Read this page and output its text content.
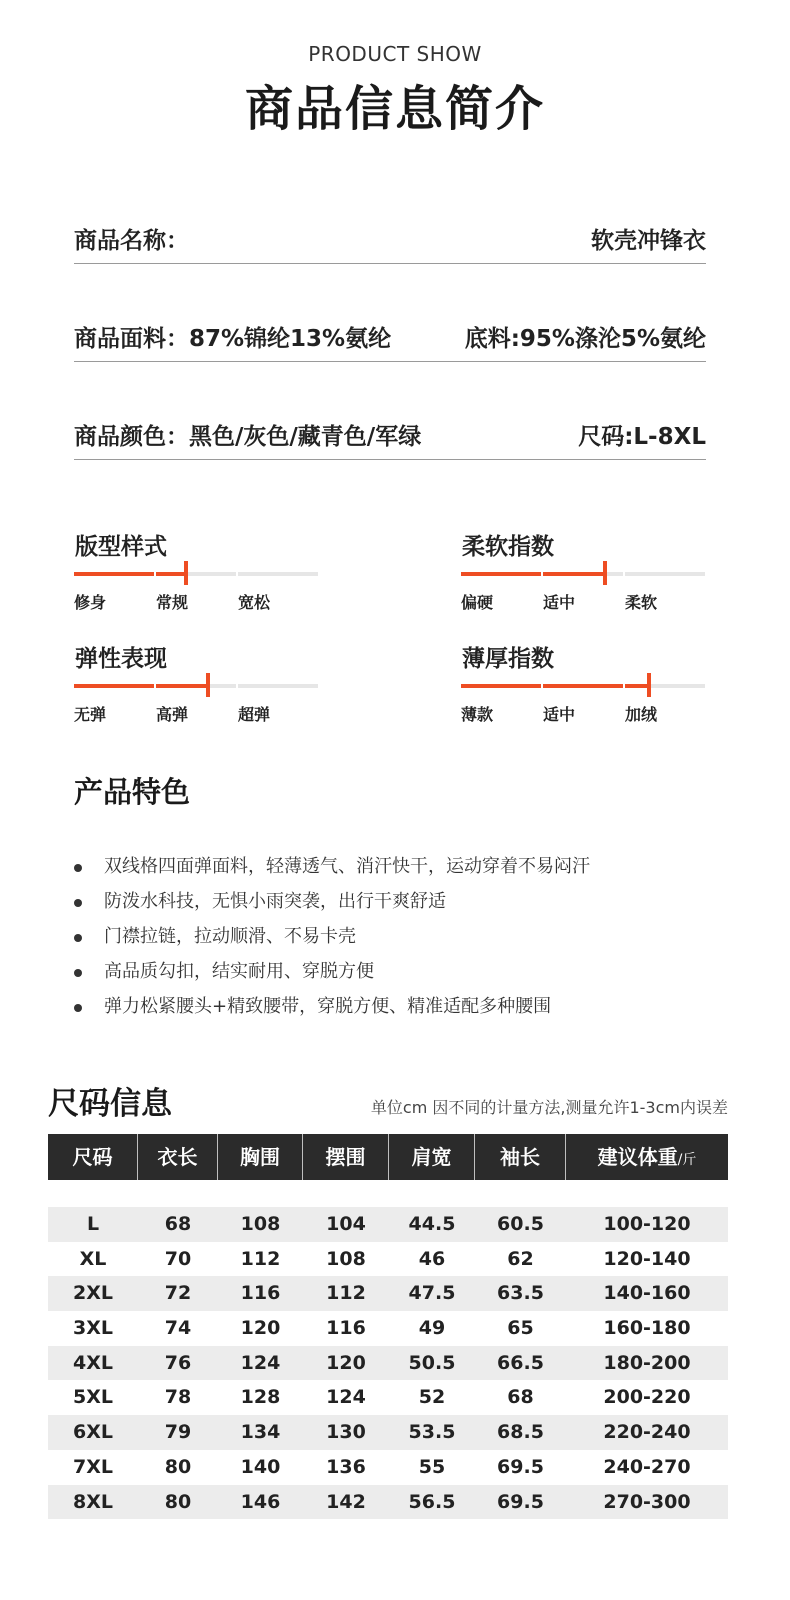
PRODUCT SHOW
商品信息简介
商品名称：	软壳冲锋衣
商品面料：87%锦纶13%氨纶	底料:95%涤沦5%氨纶
商品颜色：黑色/灰色/藏青色/军绿	尺码:L-8XL
版型样式
修身	常规	宽松
柔软指数
偏硬	适中	柔软
弹性表现
无弹	高弹	超弹
薄厚指数
薄款	适中	加绒
产品特色
双线格四面弹面料，轻薄透气、消汗快干，运动穿着不易闷汗
防泼水科技，无惧小雨突袭，出行干爽舒适
门襟拉链，拉动顺滑、不易卡壳
高品质勾扣，结实耐用、穿脱方便
弹力松紧腰头+精致腰带，穿脱方便、精准适配多种腰围
尺码信息	单位cm 因不同的计量方法,测量允许1-3cm内误差
尺码	衣长	胸围	摆围	肩宽	袖长	建议体重/斤
L	68	108	104	44.5	60.5	100-120
XL	70	112	108	46	62	120-140
2XL	72	116	112	47.5	63.5	140-160
3XL	74	120	116	49	65	160-180
4XL	76	124	120	50.5	66.5	180-200
5XL	78	128	124	52	68	200-220
6XL	79	134	130	53.5	68.5	220-240
7XL	80	140	136	55	69.5	240-270
8XL	80	146	142	56.5	69.5	270-300
